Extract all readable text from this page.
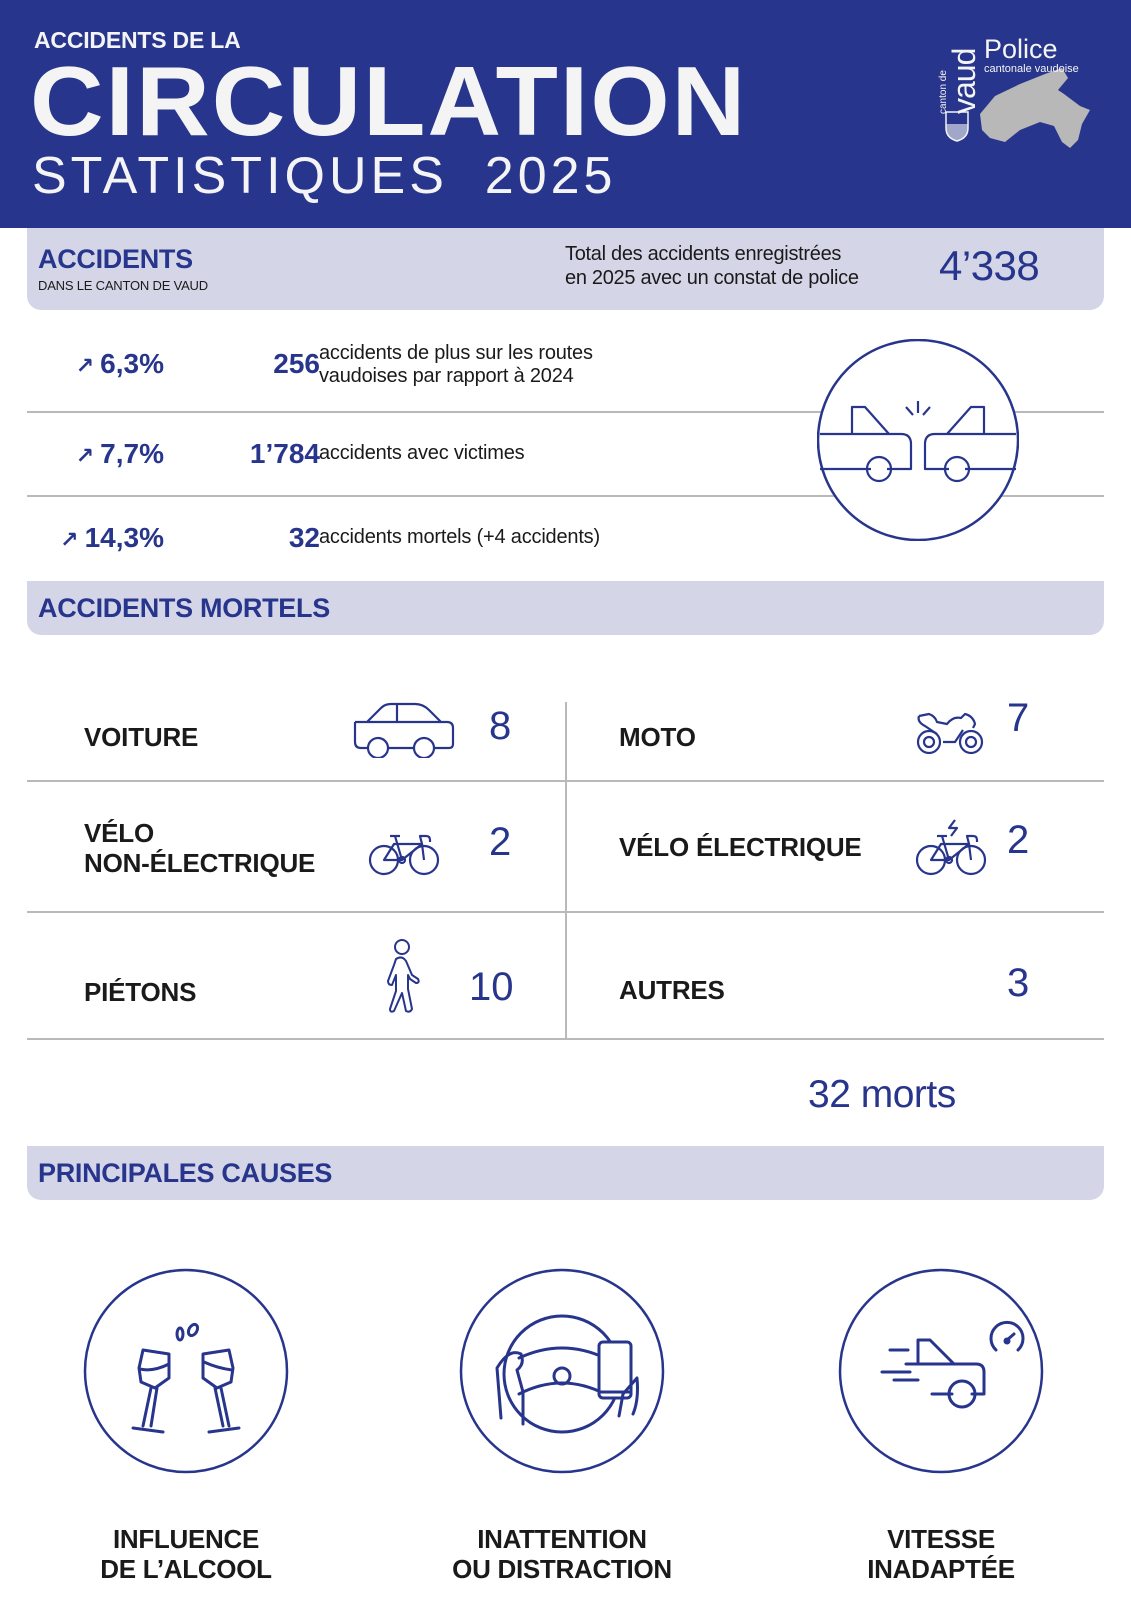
ACCIDENTS DE LA
CIRCULATION
STATISTIQUES  2025
canton de
vaud Police
cantonale vaudoise
ACCIDENTS
DANS LE CANTON DE VAUD
Total des accidents enregistrées
en 2025 avec un constat de police 4’338
↗ 6,3%	256 accidents de plus sur les routes
vaudoises par rapport à 2024
↗ 7,7%	1’784 accidents avec victimes
↗ 14,3%	32 accidents mortels (+4 accidents)
ACCIDENTS MORTELS
VOITURE	8	MOTO	7
VÉLO
NON-ÉLECTRIQUE	2	VÉLO ÉLECTRIQUE	2
PIÉTONS	10	AUTRES	3
32 morts
PRINCIPALES CAUSES
INFLUENCE
DE L’ALCOOL
INATTENTION
OU DISTRACTION
VITESSE
INADAPTÉE
